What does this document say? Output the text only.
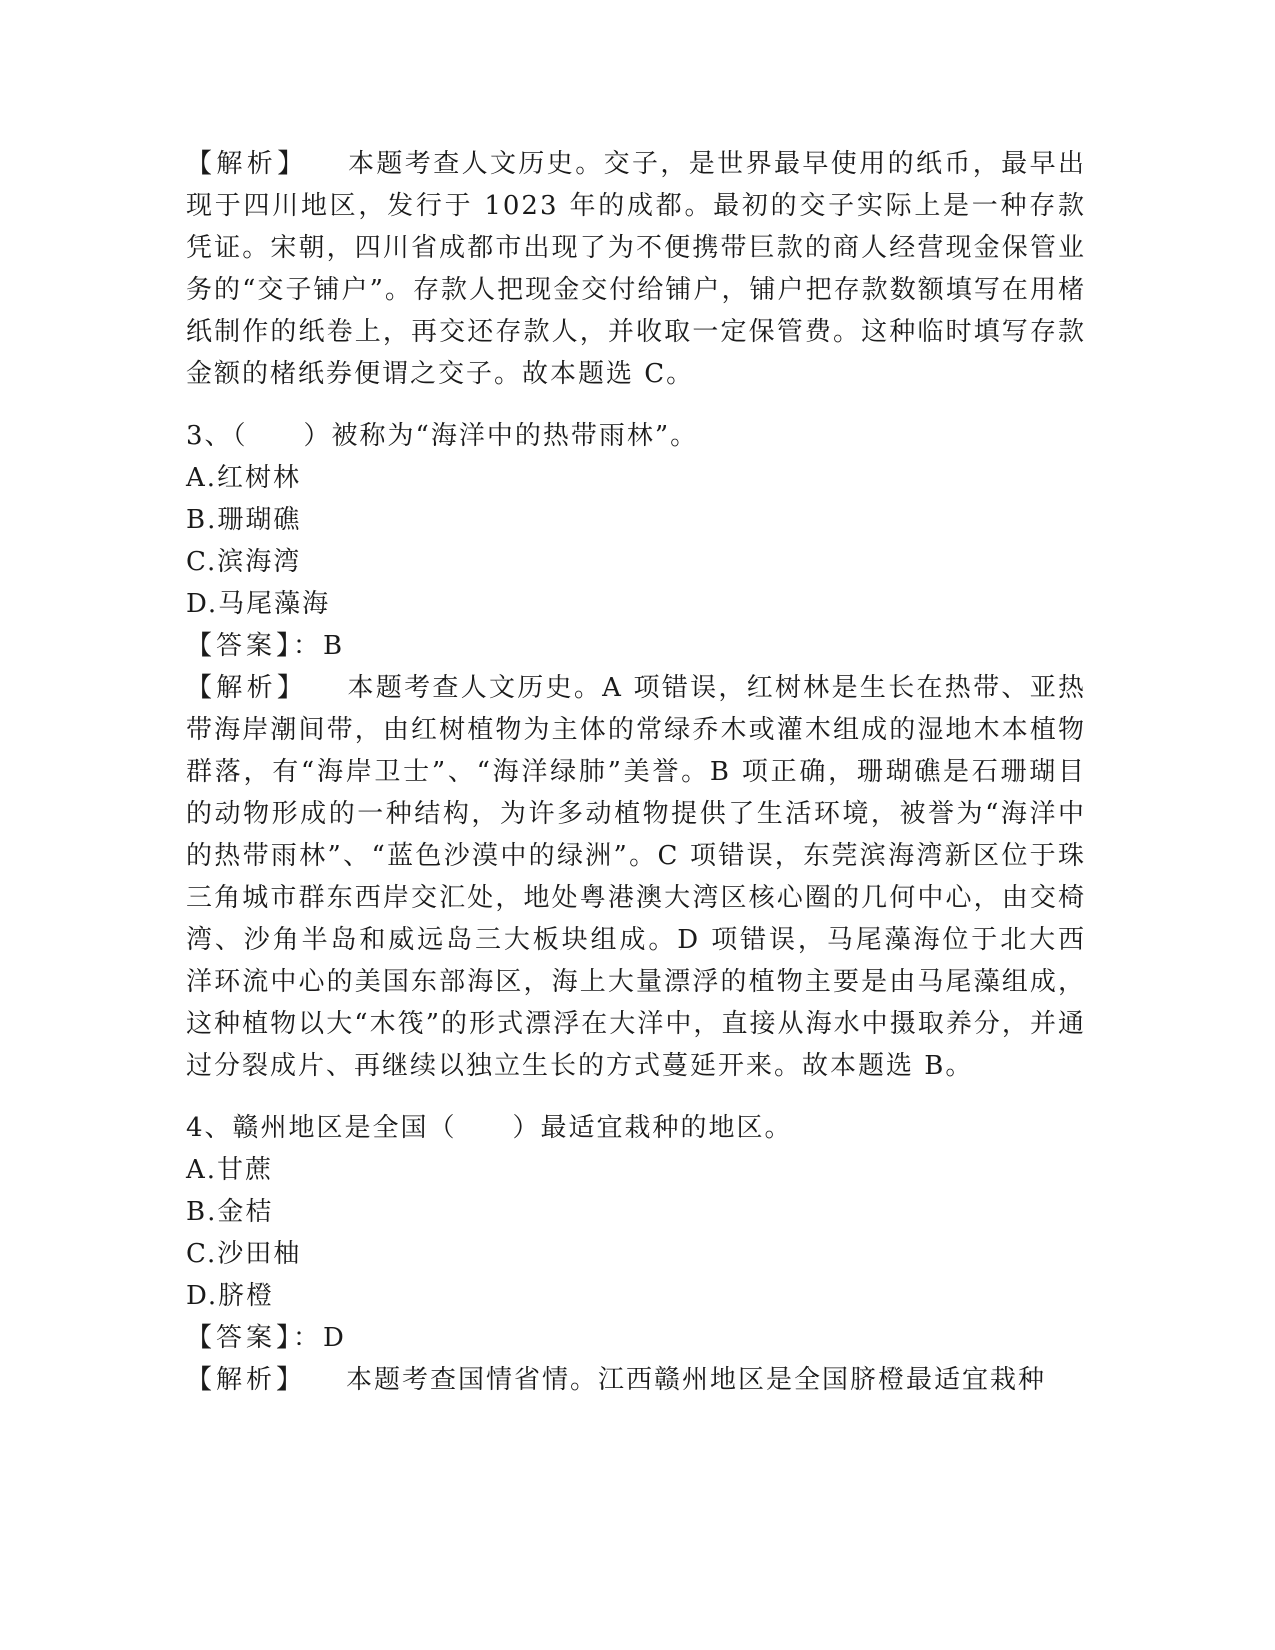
【解析】 本题考查人文历史。交子，是世界最早使用的纸币，最早出现于四川地区，发行于 1023 年的成都。最初的交子实际上是一种存款凭证。宋朝，四川省成都市出现了为不便携带巨款的商人经营现金保管业务的“交子铺户”。存款人把现金交付给铺户，铺户把存款数额填写在用楮纸制作的纸卷上，再交还存款人，并收取一定保管费。这种临时填写存款金额的楮纸券便谓之交子。故本题选 C。

3、（　　）被称为“海洋中的热带雨林”。

A.红树林

B.珊瑚礁

C.滨海湾

D.马尾藻海

【答案】：B

【解析】 本题考查人文历史。A 项错误，红树林是生长在热带、亚热带海岸潮间带，由红树植物为主体的常绿乔木或灌木组成的湿地木本植物群落，有“海岸卫士”、“海洋绿肺”美誉。B 项正确，珊瑚礁是石珊瑚目的动物形成的一种结构，为许多动植物提供了生活环境，被誉为“海洋中的热带雨林”、“蓝色沙漠中的绿洲”。C 项错误，东莞滨海湾新区位于珠三角城市群东西岸交汇处，地处粤港澳大湾区核心圈的几何中心，由交椅湾、沙角半岛和威远岛三大板块组成。D 项错误，马尾藻海位于北大西洋环流中心的美国东部海区，海上大量漂浮的植物主要是由马尾藻组成，这种植物以大“木筏”的形式漂浮在大洋中，直接从海水中摄取养分，并通过分裂成片、再继续以独立生长的方式蔓延开来。故本题选 B。

4、赣州地区是全国（　　）最适宜栽种的地区。

A.甘蔗

B.金桔

C.沙田柚

D.脐橙

【答案】：D

【解析】 本题考查国情省情。江西赣州地区是全国脐橙最适宜栽种
